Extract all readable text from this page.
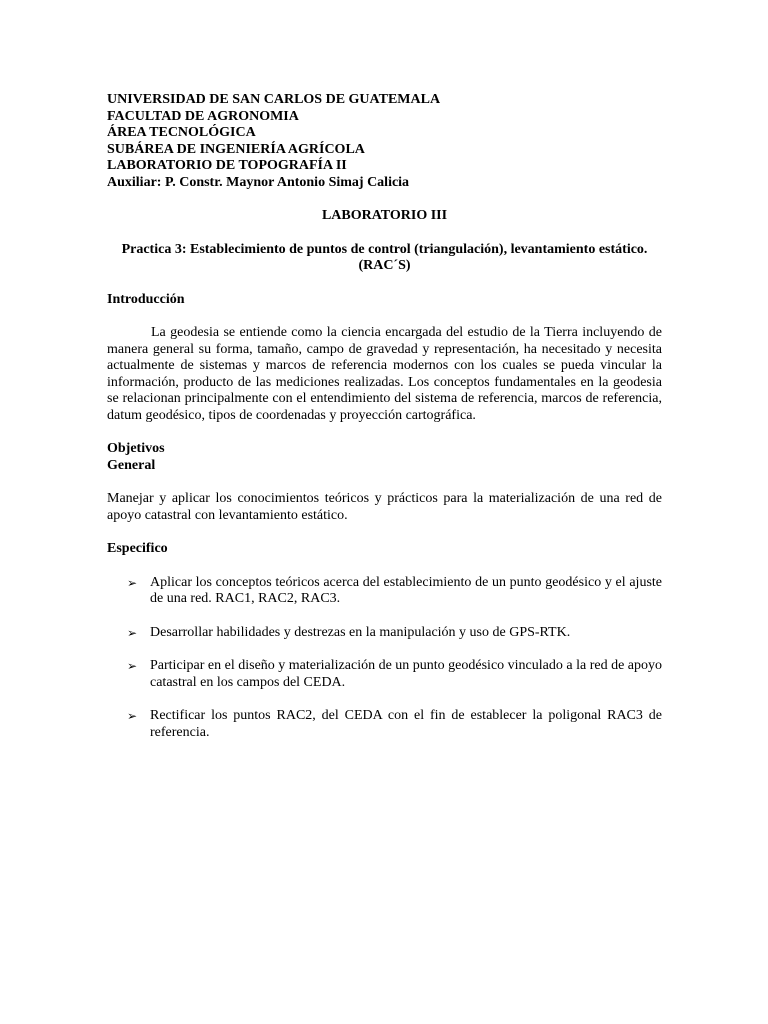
UNIVERSIDAD DE SAN CARLOS DE GUATEMALA

FACULTAD DE AGRONOMIA

ÁREA TECNOLÓGICA

SUBÁREA DE INGENIERÍA AGRÍCOLA

LABORATORIO DE TOPOGRAFÍA II

Auxiliar: P. Constr. Maynor Antonio Simaj Calicia

LABORATORIO III
Practica 3: Establecimiento de puntos de control (triangulación), levantamiento estático.
(RAC´S)

Introducción

La geodesia se entiende como la ciencia encargada del estudio de la Tierra incluyendo de manera general su forma, tamaño, campo de gravedad y representación, ha necesitado y necesita actualmente de sistemas y marcos de referencia modernos con los cuales se pueda vincular la información, producto de las mediciones realizadas. Los conceptos fundamentales en la geodesia se relacionan principalmente con el entendimiento del sistema de referencia, marcos de referencia, datum geodésico, tipos de coordenadas y proyección cartográfica.

Objetivos

General

Manejar y aplicar los conocimientos teóricos y prácticos para la materialización de una red de apoyo catastral con levantamiento estático.

Especifico

➢ Aplicar los conceptos teóricos acerca del establecimiento de un punto geodésico y el ajuste de una red. RAC1, RAC2, RAC3.
➢ Desarrollar habilidades y destrezas en la manipulación y uso de GPS-RTK.
➢ Participar en el diseño y materialización de un punto geodésico vinculado a la red de apoyo catastral en los campos del CEDA.
➢ Rectificar los puntos RAC2, del CEDA con el fin de establecer la poligonal RAC3 de referencia.
